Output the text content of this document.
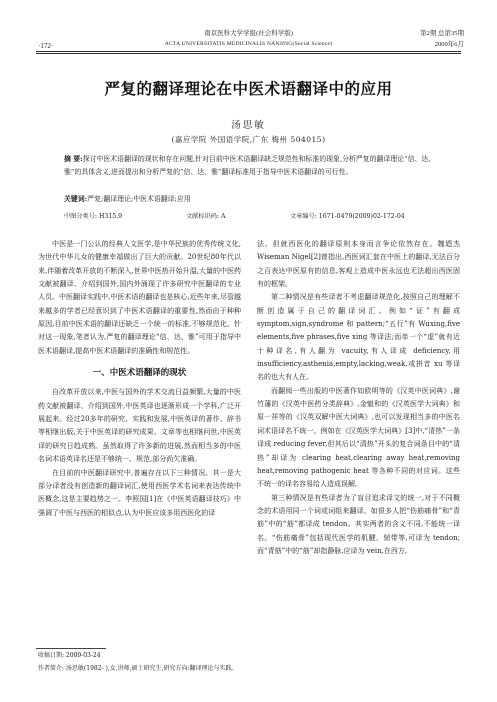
·172·
南京医科大学学报(社会科学版)
ACTA UNIVERSITATIS MEDICINALIS NANJING(Social Science)
第2期 总第35期
2009年6月
严复的翻译理论在中医术语翻译中的应用
汤思敏
(嘉应学院 外国语学院,广东 梅州 504015)
摘 要:探讨中医术语翻译的现状和存在问题,针对目前中医术语翻译缺乏规范性和标准的现象,分析严复的翻译理论“信、达、雅”的具体含义,进而提出和分析严复的“信、达、雅”翻译标准用于指导中医术语翻译的可行性。
关键词:严复;翻译理论;中医术语翻译;应用
中图分类号: H315.9	文献标识码: A	文章编号: 1671-0479(2009)02-172-04

中医是一门公认的经典人文医学,是中华民族的优秀传统文化,为世代中华儿女的健康幸福做出了巨大的贡献。20世纪80年代以来,伴随着改革开放的不断深入,世界中医热开始升温,大量的中医药文献被翻译、介绍到国外,国内外涌现了许多研究中医翻译的专业人员。中医翻译实践中,中医术语的翻译也是核心,近些年来,尽管越来越多的学者已经意识到了中医术语翻译的重要性,然而由于种种原因,目前中医术语的翻译还缺乏一个统一的标准,不够规范化。针对这一现象,笔者认为,严复的翻译理论“信、达、雅”可用于指导中医术语翻译,提高中医术语翻译的准确性和规范性。

一、中医术语翻译的现状

自改革开放以来,中医与国外的学术交流日益频繁,大量的中医药文献被翻译、介绍到国外,中医英译也逐渐形成一个学科,广泛开展起来。经过20多年的研究、实践和发展,中医英译的著作、辞书等相继出版,关于中医英译的研究成果、文章等也相继问世,中医英译的研究日趋成熟。虽然取得了许多新的进展,然而相当多的中医名词术语英译名还是不够统一、规范,部分尚欠准确。

在目前的中医翻译研究中,普遍存在以下三种情况。其一是大部分译者没有创造新的翻译词汇,使用西医学术名词来表达传统中医概念,这是主要趋势之一。李照国[1]在《中医英语翻译技巧》中强调了中医与西医的相似点,认为中医应该多用西医化的译

法。但就西医化的翻译原则本身而言争论依然存在。魏迺杰 Wiseman Nigel[2]曾指出,西医词汇套在中医上的翻译,无法百分之百表达中医原有的信息,客观上造成中医永远也无法超出西医固有的框架。

第二种情况是有些译者不考虑翻译规范化,按照自己的理解不断创造属于自己的翻译词汇。例如“证”有翻成 symptom,sign,syndrome 和 pattern;“五行”有 Wuxing,five elements,five phrases,five xing 等译法;而单一个“虚”就有近十种译名,有人翻为 vacuity,有人译成 deficiency,用 insufficiency,asthenia,empty,lacking,weak,或拼音 xu 等译名的也大有人在。

而翻阅一些出版的中医著作如欧明等的《汉英中医词典》,谢竹藩的《汉英中医药分类辞典》,金魁和的《汉英医学大词典》和原一祥等的《汉英双解中医大词典》,也可以发现相当多的中医名词术语译名不统一。例如在《汉英医学大词典》[3]中,“清热”一条译成 reducing fever,但其后以“清热”开头的复合词条目中的“清热”却译为 clearing heat,clearing away heat,removing heat,removing pathogenic heat 等各种不同的对应词。这些不统一的译名容易给人造成误解。

第三种情况是有些译者为了盲目追求译文的统一,对于不同概念的术语用同一个词或词组来翻译。如很多人把“伤筋痛骨”和“青筋”中的“筋”都译成 tendon。其实两者的含义不同,不能统一译名。“伤筋痛骨”包括现代医学的肌腱、韧带等,可译为 tendon;而“青筋”中的“筋”却指静脉,应译为 vein,在西方,

收稿日期: 2009-03-24
作者简介: 汤思敏(1982- ),女,讲师,硕士研究生,研究方向:翻译理论与实践。
